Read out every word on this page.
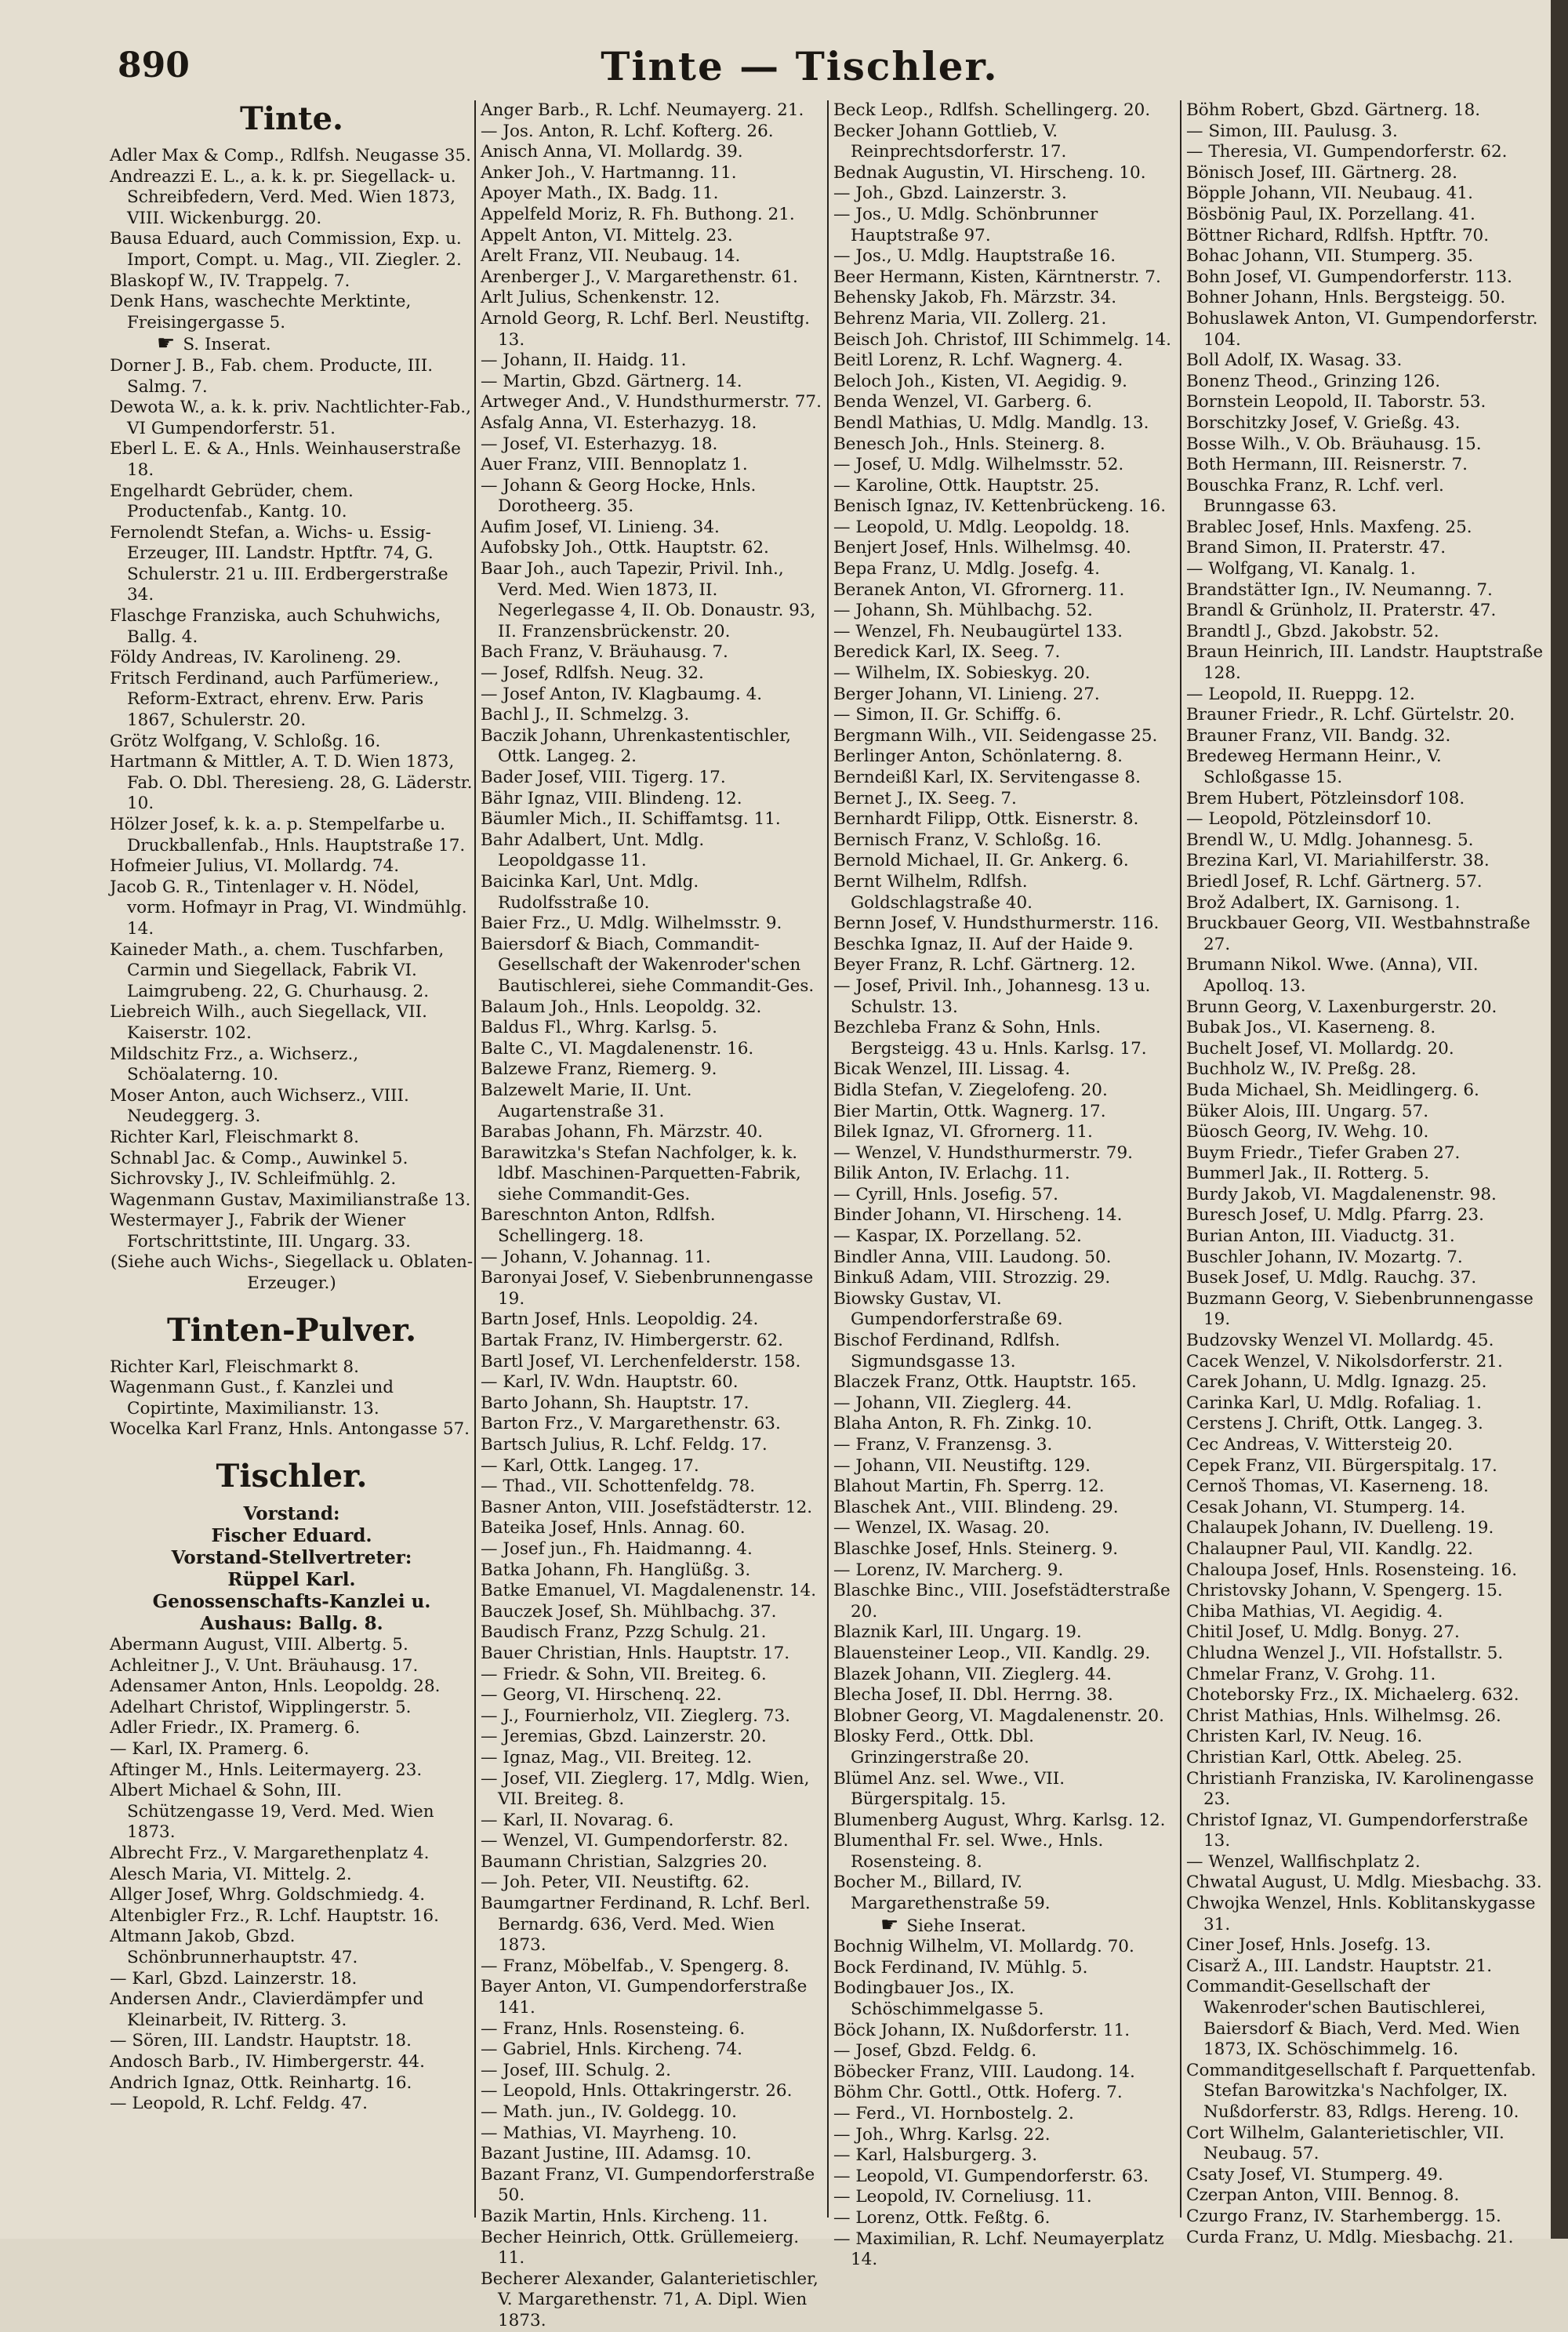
890	Tinte — Tischler.
Tinte.
Adler Max & Comp., Rdlfsh. Neugasse 35.
Andreazzi E. L., a. k. k. pr. Siegellack- u. Schreibfedern, Verd. Med. Wien 1873, VIII. Wickenburgg. 20.
Bausa Eduard, auch Commission, Exp. u. Import, Compt. u. Mag., VII. Ziegler. 2.
Blaskopf W., IV. Trappelg. 7.
Denk Hans, waschechte Merktinte, Freisingergasse 5.
☛ S. Inserat.
Dorner J. B., Fab. chem. Producte, III. Salmg. 7.
Dewota W., a. k. k. priv. Nachtlichter-Fab., VI Gumpendorferstr. 51.
Eberl L. E. & A., Hnls. Weinhauserstraße 18.
Engelhardt Gebrüder, chem. Productenfab., Kantg. 10.
Fernolendt Stefan, a. Wichs- u. Essig-Erzeuger, III. Landstr. Hptftr. 74, G. Schulerstr. 21 u. III. Erdbergerstraße 34.
Flaschge Franziska, auch Schuhwichs, Ballg. 4.
Földy Andreas, IV. Karolineng. 29.
Fritsch Ferdinand, auch Parfümeriew., Reform-Extract, ehrenv. Erw. Paris 1867, Schulerstr. 20.
Grötz Wolfgang, V. Schloßg. 16.
Hartmann & Mittler, A. T. D. Wien 1873, Fab. O. Dbl. Theresieng. 28, G. Läderstr. 10.
Hölzer Josef, k. k. a. p. Stempelfarbe u. Druckballenfab., Hnls. Hauptstraße 17.
Hofmeier Julius, VI. Mollardg. 74.
Jacob G. R., Tintenlager v. H. Nödel, vorm. Hofmayr in Prag, VI. Windmühlg. 14.
Kaineder Math., a. chem. Tuschfarben, Carmin und Siegellack, Fabrik VI. Laimgrubeng. 22, G. Churhausg. 2.
Liebreich Wilh., auch Siegellack, VII. Kaiserstr. 102.
Mildschitz Frz., a. Wichserz., Schöalaterng. 10.
Moser Anton, auch Wichserz., VIII. Neudeggerg. 3.
Richter Karl, Fleischmarkt 8.
Schnabl Jac. & Comp., Auwinkel 5.
Sichrovsky J., IV. Schleifmühlg. 2.
Wagenmann Gustav, Maximilianstraße 13.
Westermayer J., Fabrik der Wiener Fortschrittstinte, III. Ungarg. 33.
(Siehe auch Wichs-, Siegellack u. Oblaten-Erzeuger.)
Tinten-Pulver.
Richter Karl, Fleischmarkt 8.
Wagenmann Gust., f. Kanzlei und Copirtinte, Maximilianstr. 13.
Wocelka Karl Franz, Hnls. Antongasse 57.
Tischler.
Vorstand:
Fischer Eduard.
Vorstand-Stellvertreter:
Rüppel Karl.
Genossenschafts-Kanzlei u. Aushaus: Ballg. 8.
Abermann August, VIII. Albertg. 5.
Achleitner J., V. Unt. Bräuhausg. 17.
Adensamer Anton, Hnls. Leopoldg. 28.
Adelhart Christof, Wipplingerstr. 5.
Adler Friedr., IX. Pramerg. 6.
— Karl, IX. Pramerg. 6.
Aftinger M., Hnls. Leitermayerg. 23.
Albert Michael & Sohn, III. Schützengasse 19, Verd. Med. Wien 1873.
Albrecht Frz., V. Margarethenplatz 4.
Alesch Maria, VI. Mittelg. 2.
Allger Josef, Whrg. Goldschmiedg. 4.
Altenbigler Frz., R. Lchf. Hauptstr. 16.
Altmann Jakob, Gbzd. Schönbrunnerhauptstr. 47.
— Karl, Gbzd. Lainzerstr. 18.
Andersen Andr., Clavierdämpfer und Kleinarbeit, IV. Ritterg. 3.
— Sören, III. Landstr. Hauptstr. 18.
Andosch Barb., IV. Himbergerstr. 44.
Andrich Ignaz, Ottk. Reinhartg. 16.
— Leopold, R. Lchf. Feldg. 47.
Anger Barb., R. Lchf. Neumayerg. 21.
— Jos. Anton, R. Lchf. Kofterg. 26.
Anisch Anna, VI. Mollardg. 39.
Anker Joh., V. Hartmanng. 11.
Apoyer Math., IX. Badg. 11.
Appelfeld Moriz, R. Fh. Buthong. 21.
Appelt Anton, VI. Mittelg. 23.
Arelt Franz, VII. Neubaug. 14.
Arenberger J., V. Margarethenstr. 61.
Arlt Julius, Schenkenstr. 12.
Arnold Georg, R. Lchf. Berl. Neustiftg. 13.
— Johann, II. Haidg. 11.
— Martin, Gbzd. Gärtnerg. 14.
Artweger And., V. Hundsthurmerstr. 77.
Asfalg Anna, VI. Esterhazyg. 18.
— Josef, VI. Esterhazyg. 18.
Auer Franz, VIII. Bennoplatz 1.
— Johann & Georg Hocke, Hnls. Dorotheerg. 35.
Aufim Josef, VI. Linieng. 34.
Aufobsky Joh., Ottk. Hauptstr. 62.
Baar Joh., auch Tapezir, Privil. Inh., Verd. Med. Wien 1873, II. Negerlegasse 4, II. Ob. Donaustr. 93, II. Franzensbrückenstr. 20.
Bach Franz, V. Bräuhausg. 7.
— Josef, Rdlfsh. Neug. 32.
— Josef Anton, IV. Klagbaumg. 4.
Bachl J., II. Schmelzg. 3.
Baczik Johann, Uhrenkastentischler, Ottk. Langeg. 2.
Bader Josef, VIII. Tigerg. 17.
Bähr Ignaz, VIII. Blindeng. 12.
Bäumler Mich., II. Schiffamtsg. 11.
Bahr Adalbert, Unt. Mdlg. Leopoldgasse 11.
Baicinka Karl, Unt. Mdlg. Rudolfsstraße 10.
Baier Frz., U. Mdlg. Wilhelmsstr. 9.
Baiersdorf & Biach, Commandit-Gesellschaft der Wakenroder'schen Bautischlerei, siehe Commandit-Ges.
Balaum Joh., Hnls. Leopoldg. 32.
Baldus Fl., Whrg. Karlsg. 5.
Balte C., VI. Magdalenenstr. 16.
Balzewe Franz, Riemerg. 9.
Balzewelt Marie, II. Unt. Augartenstraße 31.
Barabas Johann, Fh. Märzstr. 40.
Barawitzka's Stefan Nachfolger, k. k. ldbf. Maschinen-Parquetten-Fabrik, siehe Commandit-Ges.
Bareschnton Anton, Rdlfsh. Schellingerg. 18.
— Johann, V. Johannag. 11.
Baronyai Josef, V. Siebenbrunnengasse 19.
Bartn Josef, Hnls. Leopoldig. 24.
Bartak Franz, IV. Himbergerstr. 62.
Bartl Josef, VI. Lerchenfelderstr. 158.
— Karl, IV. Wdn. Hauptstr. 60.
Barto Johann, Sh. Hauptstr. 17.
Barton Frz., V. Margarethenstr. 63.
Bartsch Julius, R. Lchf. Feldg. 17.
— Karl, Ottk. Langeg. 17.
— Thad., VII. Schottenfeldg. 78.
Basner Anton, VIII. Josefstädterstr. 12.
Bateika Josef, Hnls. Annag. 60.
— Josef jun., Fh. Haidmanng. 4.
Batka Johann, Fh. Hanglüßg. 3.
Batke Emanuel, VI. Magdalenenstr. 14.
Bauczek Josef, Sh. Mühlbachg. 37.
Baudisch Franz, Pzzg Schulg. 21.
Bauer Christian, Hnls. Hauptstr. 17.
— Friedr. & Sohn, VII. Breiteg. 6.
— Georg, VI. Hirschenq. 22.
— J., Fournierholz, VII. Zieglerg. 73.
— Jeremias, Gbzd. Lainzerstr. 20.
— Ignaz, Mag., VII. Breiteg. 12.
— Josef, VII. Zieglerg. 17, Mdlg. Wien, VII. Breiteg. 8.
— Karl, II. Novarag. 6.
— Wenzel, VI. Gumpendorferstr. 82.
Baumann Christian, Salzgries 20.
— Joh. Peter, VII. Neustiftg. 62.
Baumgartner Ferdinand, R. Lchf. Berl. Bernardg. 636, Verd. Med. Wien 1873.
— Franz, Möbelfab., V. Spengerg. 8.
Bayer Anton, VI. Gumpendorferstraße 141.
— Franz, Hnls. Rosensteing. 6.
— Gabriel, Hnls. Kircheng. 74.
— Josef, III. Schulg. 2.
— Leopold, Hnls. Ottakringerstr. 26.
— Math. jun., IV. Goldegg. 10.
— Mathias, VI. Mayrheng. 10.
Bazant Justine, III. Adamsg. 10.
Bazant Franz, VI. Gumpendorferstraße 50.
Bazik Martin, Hnls. Kircheng. 11.
Becher Heinrich, Ottk. Grüllemeierg. 11.
Becherer Alexander, Galanterietischler, V. Margarethenstr. 71, A. Dipl. Wien 1873.
Beck Leop., Rdlfsh. Schellingerg. 20.
Becker Johann Gottlieb, V. Reinprechtsdorferstr. 17.
Bednak Augustin, VI. Hirscheng. 10.
— Joh., Gbzd. Lainzerstr. 3.
— Jos., U. Mdlg. Schönbrunner Hauptstraße 97.
— Jos., U. Mdlg. Hauptstraße 16.
Beer Hermann, Kisten, Kärntnerstr. 7.
Behensky Jakob, Fh. Märzstr. 34.
Behrenz Maria, VII. Zollerg. 21.
Beisch Joh. Christof, III Schimmelg. 14.
Beitl Lorenz, R. Lchf. Wagnerg. 4.
Beloch Joh., Kisten, VI. Aegidig. 9.
Benda Wenzel, VI. Garberg. 6.
Bendl Mathias, U. Mdlg. Mandlg. 13.
Benesch Joh., Hnls. Steinerg. 8.
— Josef, U. Mdlg. Wilhelmsstr. 52.
— Karoline, Ottk. Hauptstr. 25.
Benisch Ignaz, IV. Kettenbrückeng. 16.
— Leopold, U. Mdlg. Leopoldg. 18.
Benjert Josef, Hnls. Wilhelmsg. 40.
Bepa Franz, U. Mdlg. Josefg. 4.
Beranek Anton, VI. Gfrornerg. 11.
— Johann, Sh. Mühlbachg. 52.
— Wenzel, Fh. Neubaugürtel 133.
Beredick Karl, IX. Seeg. 7.
— Wilhelm, IX. Sobieskyg. 20.
Berger Johann, VI. Linieng. 27.
— Simon, II. Gr. Schiffg. 6.
Bergmann Wilh., VII. Seidengasse 25.
Berlinger Anton, Schönlaterng. 8.
Berndeißl Karl, IX. Servitengasse 8.
Bernet J., IX. Seeg. 7.
Bernhardt Filipp, Ottk. Eisnerstr. 8.
Bernisch Franz, V. Schloßg. 16.
Bernold Michael, II. Gr. Ankerg. 6.
Bernt Wilhelm, Rdlfsh. Goldschlagstraße 40.
Bernn Josef, V. Hundsthurmerstr. 116.
Beschka Ignaz, II. Auf der Haide 9.
Beyer Franz, R. Lchf. Gärtnerg. 12.
— Josef, Privil. Inh., Johannesg. 13 u. Schulstr. 13.
Bezchleba Franz & Sohn, Hnls. Bergsteigg. 43 u. Hnls. Karlsg. 17.
Bicak Wenzel, III. Lissag. 4.
Bidla Stefan, V. Ziegelofeng. 20.
Bier Martin, Ottk. Wagnerg. 17.
Bilek Ignaz, VI. Gfrornerg. 11.
— Wenzel, V. Hundsthurmerstr. 79.
Bilik Anton, IV. Erlachg. 11.
— Cyrill, Hnls. Josefig. 57.
Binder Johann, VI. Hirscheng. 14.
— Kaspar, IX. Porzellang. 52.
Bindler Anna, VIII. Laudong. 50.
Binkuß Adam, VIII. Strozzig. 29.
Biowsky Gustav, VI. Gumpendorferstraße 69.
Bischof Ferdinand, Rdlfsh. Sigmundsgasse 13.
Blaczek Franz, Ottk. Hauptstr. 165.
— Johann, VII. Zieglerg. 44.
Blaha Anton, R. Fh. Zinkg. 10.
— Franz, V. Franzensg. 3.
— Johann, VII. Neustiftg. 129.
Blahout Martin, Fh. Sperrg. 12.
Blaschek Ant., VIII. Blindeng. 29.
— Wenzel, IX. Wasag. 20.
Blaschke Josef, Hnls. Steinerg. 9.
— Lorenz, IV. Marcherg. 9.
Blaschke Binc., VIII. Josefstädterstraße 20.
Blaznik Karl, III. Ungarg. 19.
Blauensteiner Leop., VII. Kandlg. 29.
Blazek Johann, VII. Zieglerg. 44.
Blecha Josef, II. Dbl. Herrng. 38.
Blobner Georg, VI. Magdalenenstr. 20.
Blosky Ferd., Ottk. Dbl. Grinzingerstraße 20.
Blümel Anz. sel. Wwe., VII. Bürgerspitalg. 15.
Blumenberg August, Whrg. Karlsg. 12.
Blumenthal Fr. sel. Wwe., Hnls. Rosensteing. 8.
Bocher M., Billard, IV. Margarethenstraße 59.
☛ Siehe Inserat.
Bochnig Wilhelm, VI. Mollardg. 70.
Bock Ferdinand, IV. Mühlg. 5.
Bodingbauer Jos., IX. Schöschimmelgasse 5.
Böck Johann, IX. Nußdorferstr. 11.
— Josef, Gbzd. Feldg. 6.
Böbecker Franz, VIII. Laudong. 14.
Böhm Chr. Gottl., Ottk. Hoferg. 7.
— Ferd., VI. Hornbostelg. 2.
— Joh., Whrg. Karlsg. 22.
— Karl, Halsburgerg. 3.
— Leopold, VI. Gumpendorferstr. 63.
— Leopold, IV. Corneliusg. 11.
— Lorenz, Ottk. Feßtg. 6.
— Maximilian, R. Lchf. Neumayerplatz 14.
Böhm Robert, Gbzd. Gärtnerg. 18.
— Simon, III. Paulusg. 3.
— Theresia, VI. Gumpendorferstr. 62.
Bönisch Josef, III. Gärtnerg. 28.
Böpple Johann, VII. Neubaug. 41.
Bösbönig Paul, IX. Porzellang. 41.
Böttner Richard, Rdlfsh. Hptftr. 70.
Bohac Johann, VII. Stumperg. 35.
Bohn Josef, VI. Gumpendorferstr. 113.
Bohner Johann, Hnls. Bergsteigg. 50.
Bohuslawek Anton, VI. Gumpendorferstr. 104.
Boll Adolf, IX. Wasag. 33.
Bonenz Theod., Grinzing 126.
Bornstein Leopold, II. Taborstr. 53.
Borschitzky Josef, V. Grießg. 43.
Bosse Wilh., V. Ob. Bräuhausg. 15.
Both Hermann, III. Reisnerstr. 7.
Bouschka Franz, R. Lchf. verl. Brunngasse 63.
Brablec Josef, Hnls. Maxfeng. 25.
Brand Simon, II. Praterstr. 47.
— Wolfgang, VI. Kanalg. 1.
Brandstätter Ign., IV. Neumanng. 7.
Brandl & Grünholz, II. Praterstr. 47.
Brandtl J., Gbzd. Jakobstr. 52.
Braun Heinrich, III. Landstr. Hauptstraße 128.
— Leopold, II. Rueppg. 12.
Brauner Friedr., R. Lchf. Gürtelstr. 20.
Brauner Franz, VII. Bandg. 32.
Bredeweg Hermann Heinr., V. Schloßgasse 15.
Brem Hubert, Pötzleinsdorf 108.
— Leopold, Pötzleinsdorf 10.
Brendl W., U. Mdlg. Johannesg. 5.
Brezina Karl, VI. Mariahilferstr. 38.
Briedl Josef, R. Lchf. Gärtnerg. 57.
Brož Adalbert, IX. Garnisong. 1.
Bruckbauer Georg, VII. Westbahnstraße 27.
Brumann Nikol. Wwe. (Anna), VII. Apolloq. 13.
Brunn Georg, V. Laxenburgerstr. 20.
Bubak Jos., VI. Kaserneng. 8.
Buchelt Josef, VI. Mollardg. 20.
Buchholz W., IV. Preßg. 28.
Buda Michael, Sh. Meidlingerg. 6.
Büker Alois, III. Ungarg. 57.
Büosch Georg, IV. Wehg. 10.
Buym Friedr., Tiefer Graben 27.
Bummerl Jak., II. Rotterg. 5.
Burdy Jakob, VI. Magdalenenstr. 98.
Buresch Josef, U. Mdlg. Pfarrg. 23.
Burian Anton, III. Viaductg. 31.
Buschler Johann, IV. Mozartg. 7.
Busek Josef, U. Mdlg. Rauchg. 37.
Buzmann Georg, V. Siebenbrunnengasse 19.
Budzovsky Wenzel VI. Mollardg. 45.
Cacek Wenzel, V. Nikolsdorferstr. 21.
Carek Johann, U. Mdlg. Ignazg. 25.
Carinka Karl, U. Mdlg. Rofaliag. 1.
Cerstens J. Chrift, Ottk. Langeg. 3.
Cec Andreas, V. Wittersteig 20.
Cepek Franz, VII. Bürgerspitalg. 17.
Cernoš Thomas, VI. Kaserneng. 18.
Cesak Johann, VI. Stumperg. 14.
Chalaupek Johann, IV. Duelleng. 19.
Chalaupner Paul, VII. Kandlg. 22.
Chaloupa Josef, Hnls. Rosensteing. 16.
Christovsky Johann, V. Spengerg. 15.
Chiba Mathias, VI. Aegidig. 4.
Chitil Josef, U. Mdlg. Bonyg. 27.
Chludna Wenzel J., VII. Hofstallstr. 5.
Chmelar Franz, V. Grohg. 11.
Choteborsky Frz., IX. Michaelerg. 632.
Christ Mathias, Hnls. Wilhelmsg. 26.
Christen Karl, IV. Neug. 16.
Christian Karl, Ottk. Abeleg. 25.
Christianh Franziska, IV. Karolinengasse 23.
Christof Ignaz, VI. Gumpendorferstraße 13.
— Wenzel, Wallfischplatz 2.
Chwatal August, U. Mdlg. Miesbachg. 33.
Chwojka Wenzel, Hnls. Koblitanskygasse 31.
Ciner Josef, Hnls. Josefg. 13.
Cisarž A., III. Landstr. Hauptstr. 21.
Commandit-Gesellschaft der Wakenroder'schen Bautischlerei, Baiersdorf & Biach, Verd. Med. Wien 1873, IX. Schöschimmelg. 16.
Commanditgesellschaft f. Parquettenfab. Stefan Barowitzka's Nachfolger, IX. Nußdorferstr. 83, Rdlgs. Hereng. 10.
Cort Wilhelm, Galanterietischler, VII. Neubaug. 57.
Csaty Josef, VI. Stumperg. 49.
Czerpan Anton, VIII. Bennog. 8.
Czurgo Franz, IV. Starhembergg. 15.
Curda Franz, U. Mdlg. Miesbachg. 21.
